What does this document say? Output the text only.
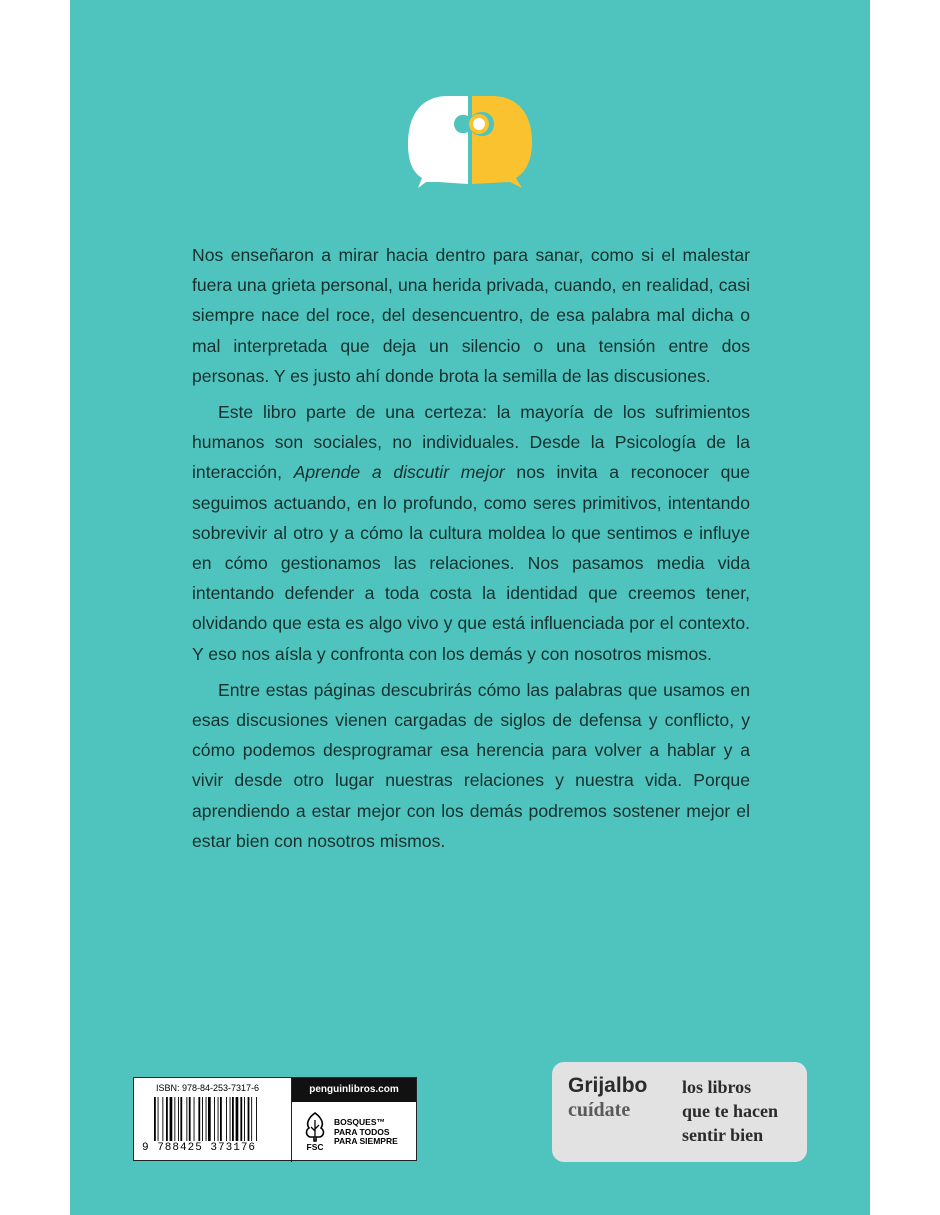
Nos enseñaron a mirar hacia dentro para sanar, como si el malestar fuera una grieta personal, una herida privada, cuando, en realidad, casi siempre nace del roce, del desencuentro, de esa palabra mal dicha o mal interpretada que deja un silencio o una tensión entre dos personas. Y es justo ahí donde brota la semilla de las discusiones.

Este libro parte de una certeza: la mayoría de los sufrimientos humanos son sociales, no individuales. Desde la Psicología de la interacción, Aprende a discutir mejor nos invita a reconocer que seguimos actuando, en lo profundo, como seres primitivos, intentando sobrevivir al otro y a cómo la cultura moldea lo que sentimos e influye en cómo gestionamos las relaciones. Nos pasamos media vida intentando defender a toda costa la identidad que creemos tener, olvidando que esta es algo vivo y que está influenciada por el contexto. Y eso nos aísla y confronta con los demás y con nosotros mismos.

Entre estas páginas descubrirás cómo las palabras que usamos en esas discusiones vienen cargadas de siglos de defensa y conflicto, y cómo podemos desprogramar esa herencia para volver a hablar y a vivir desde otro lugar nuestras relaciones y nuestra vida. Porque aprendiendo a estar mejor con los demás podremos sostener mejor el estar bien con nosotros mismos.

ISBN: 978-84-253-7317-6
9 788425 373176
penguinlibros.com
FSC
BOSQUES™
PARA TODOS
PARA SIEMPRE
Grijalbo
cuídate
los libros
que te hacen
sentir bien
